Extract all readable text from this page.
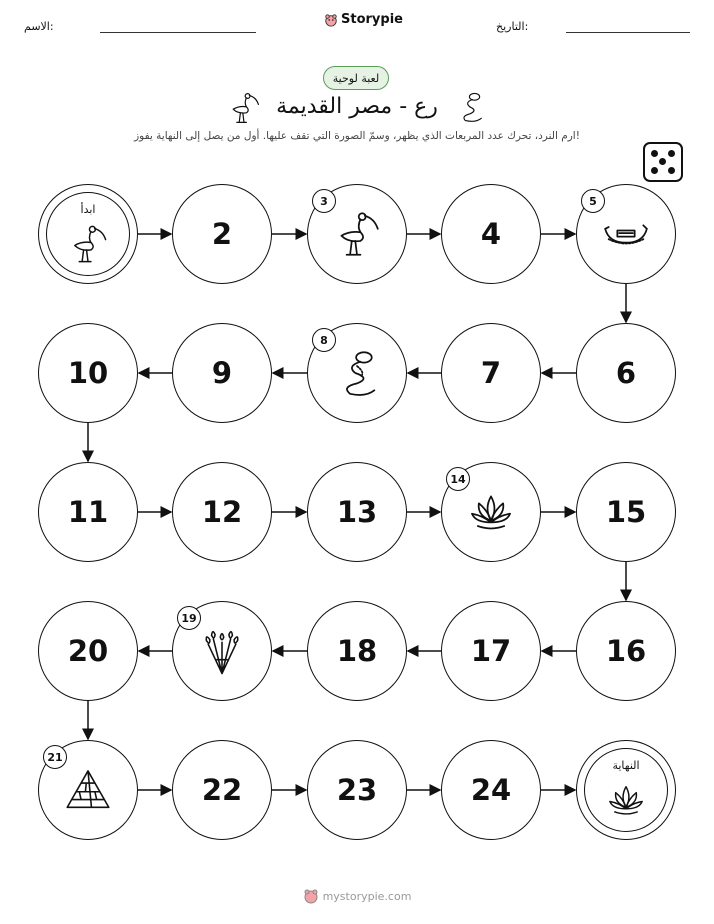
الاسم:	Storypie	التاريخ:
لعبة لوحية
رع - مصر القديمة
ارم النرد، تحرك عدد المربعات الذي يظهر، وسمّ الصورة التي تقف عليها. أول من يصل إلى النهاية يفوز!
ابدأ
2
3
4
5
6
7
8
9
10
11	12	13
14
15
16
17
18
19
20
21
22	23	24
النهاية
mystorypie.com
